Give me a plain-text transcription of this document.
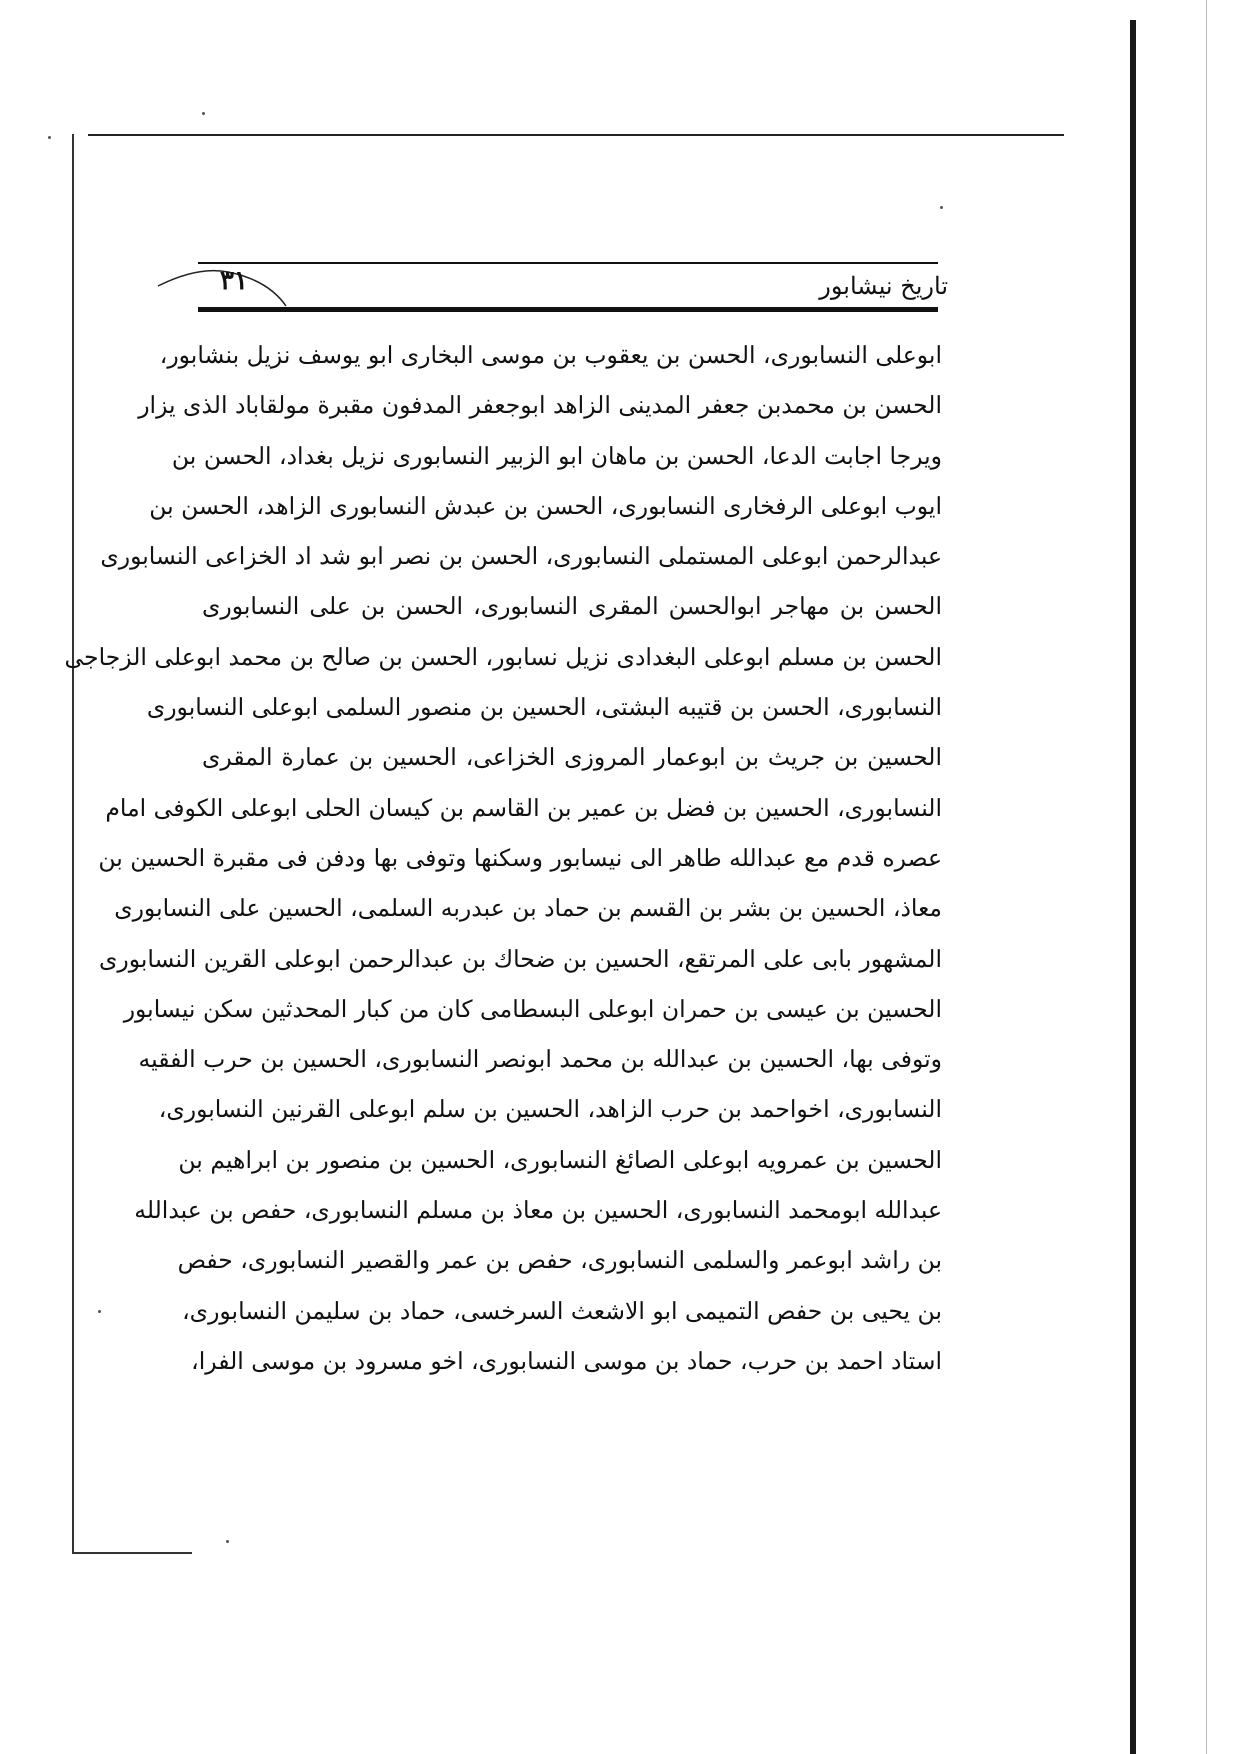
تاريخ نيشابور
٣١
ابوعلى النسابورى، الحسن بن يعقوب بن موسى البخارى ابو يوسف نزيل بنشابور،
الحسن بن محمدبن جعفر المدينى الزاهد ابوجعفر المدفون مقبرة مولقاباد الذى يزار
ويرجا اجابت الدعا، الحسن بن ماهان ابو الزبير النسابورى نزيل بغداد، الحسن بن
ايوب ابوعلى الرفخارى النسابورى، الحسن بن عبدش النسابورى الزاهد، الحسن بن
عبدالرحمن ابوعلى المستملى النسابورى، الحسن بن نصر ابو شد اد الخزاعى النسابورى
الحسن بن مهاجر ابوالحسن المقرى النسابورى، الحسن بن على النسابورى
الحسن بن مسلم ابوعلى البغدادى نزيل نسابور، الحسن بن صالح بن محمد ابوعلى الزجاجى
النسابورى، الحسن بن قتيبه البشتى، الحسين بن منصور السلمى ابوعلى النسابورى
الحسين بن جريث بن ابوعمار المروزى الخزاعى، الحسين بن عمارة المقرى
النسابورى، الحسين بن فضل بن عمير بن القاسم بن كيسان الحلى ابوعلى الكوفى امام
عصره قدم مع عبدالله طاهر الى نيسابور وسكنها وتوفى بها ودفن فى مقبرة الحسين بن
معاذ، الحسين بن بشر بن القسم بن حماد بن عبدربه السلمى، الحسين على النسابورى
المشهور بابى على المرتقع، الحسين بن ضحاك بن عبدالرحمن ابوعلى القرين النسابورى
الحسين بن عيسى بن حمران ابوعلى البسطامى كان من كبار المحدثين سكن نيسابور
وتوفى بها، الحسين بن عبدالله بن محمد ابونصر النسابورى، الحسين بن حرب الفقيه
النسابورى، اخواحمد بن حرب الزاهد، الحسين بن سلم ابوعلى القرنين النسابورى،
الحسين بن عمرويه ابوعلى الصائغ النسابورى، الحسين بن منصور بن ابراهيم بن
عبدالله ابومحمد النسابورى، الحسين بن معاذ بن مسلم النسابورى، حفص بن عبدالله
بن راشد ابوعمر والسلمى النسابورى، حفص بن عمر والقصير النسابورى، حفص
بن يحيى بن حفص التميمى ابو الاشعث السرخسى، حماد بن سليمن النسابورى،
استاد احمد بن حرب، حماد بن موسى النسابورى، اخو مسرود بن موسى الفرا،
